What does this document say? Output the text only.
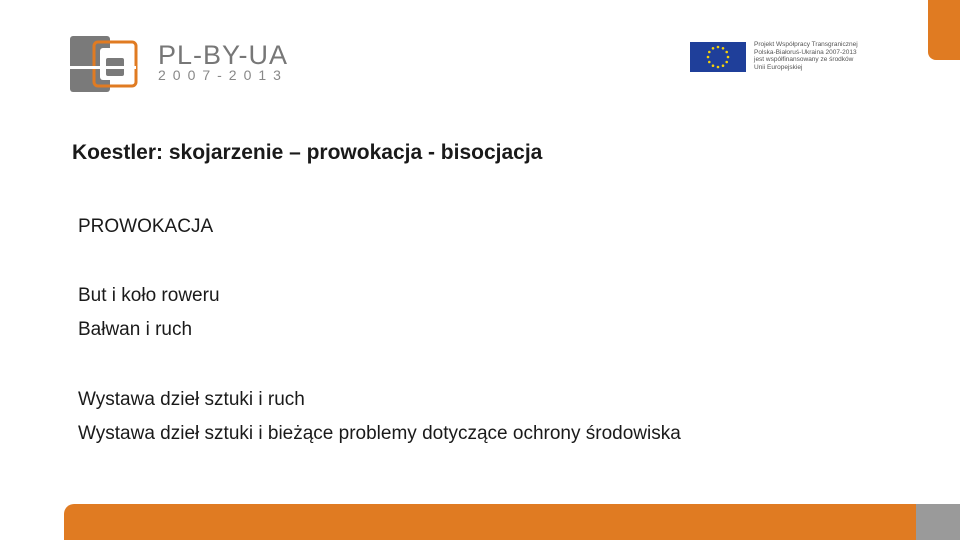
PL-BY-UA
2007-2013
Projekt Współpracy Transgranicznej
Polska-Białoruś-Ukraina 2007-2013
jest współfinansowany ze środków
Unii Europejskiej
Koestler: skojarzenie – prowokacja - bisocjacja
PROWOKACJA
But i koło roweru
Bałwan i ruch
Wystawa dzieł sztuki i ruch
Wystawa dzieł sztuki i bieżące problemy dotyczące ochrony środowiska
